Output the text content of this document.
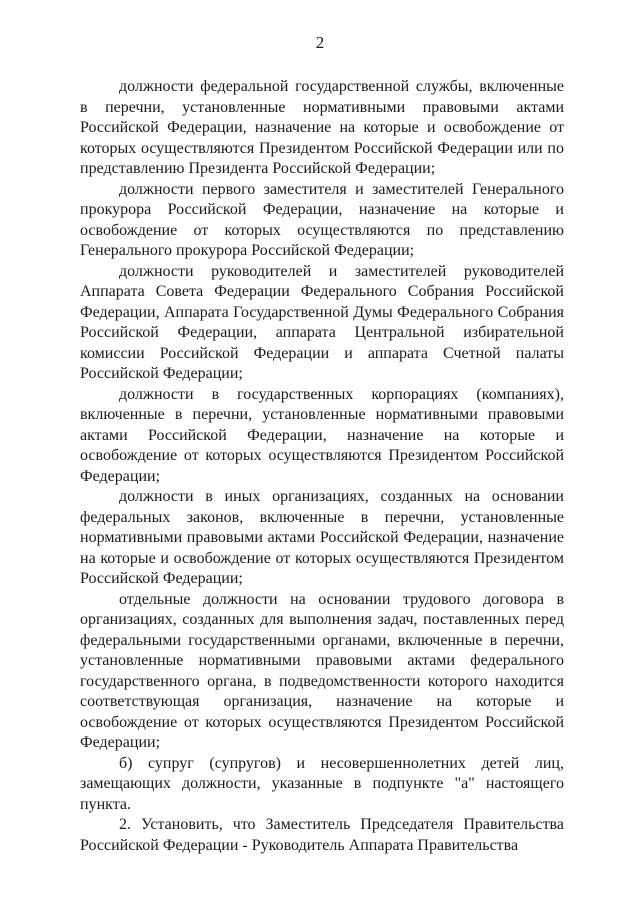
2

должности федеральной государственной службы, включенные в перечни, установленные нормативными правовыми актами Российской Федерации, назначение на которые и освобождение от которых осуществляются Президентом Российской Федерации или по представлению Президента Российской Федерации;

должности первого заместителя и заместителей Генерального прокурора Российской Федерации, назначение на которые и освобождение от которых осуществляются по представлению Генерального прокурора Российской Федерации;

должности руководителей и заместителей руководителей Аппарата Совета Федерации Федерального Собрания Российской Федерации, Аппарата Государственной Думы Федерального Собрания Российской Федерации, аппарата Центральной избирательной комиссии Российской Федерации и аппарата Счетной палаты Российской Федерации;

должности в государственных корпорациях (компаниях), включенные в перечни, установленные нормативными правовыми актами Российской Федерации, назначение на которые и освобождение от которых осуществляются Президентом Российской Федерации;

должности в иных организациях, созданных на основании федеральных законов, включенные в перечни, установленные нормативными правовыми актами Российской Федерации, назначение на которые и освобождение от которых осуществляются Президентом Российской Федерации;

отдельные должности на основании трудового договора в организациях, созданных для выполнения задач, поставленных перед федеральными государственными органами, включенные в перечни, установленные нормативными правовыми актами федерального государственного органа, в подведомственности которого находится соответствующая организация, назначение на которые и освобождение от которых осуществляются Президентом Российской Федерации;

б) супруг (супругов) и несовершеннолетних детей лиц, замещающих должности, указанные в подпункте "а" настоящего пункта.

2. Установить, что Заместитель Председателя Правительства Российской Федерации - Руководитель Аппарата Правительства
